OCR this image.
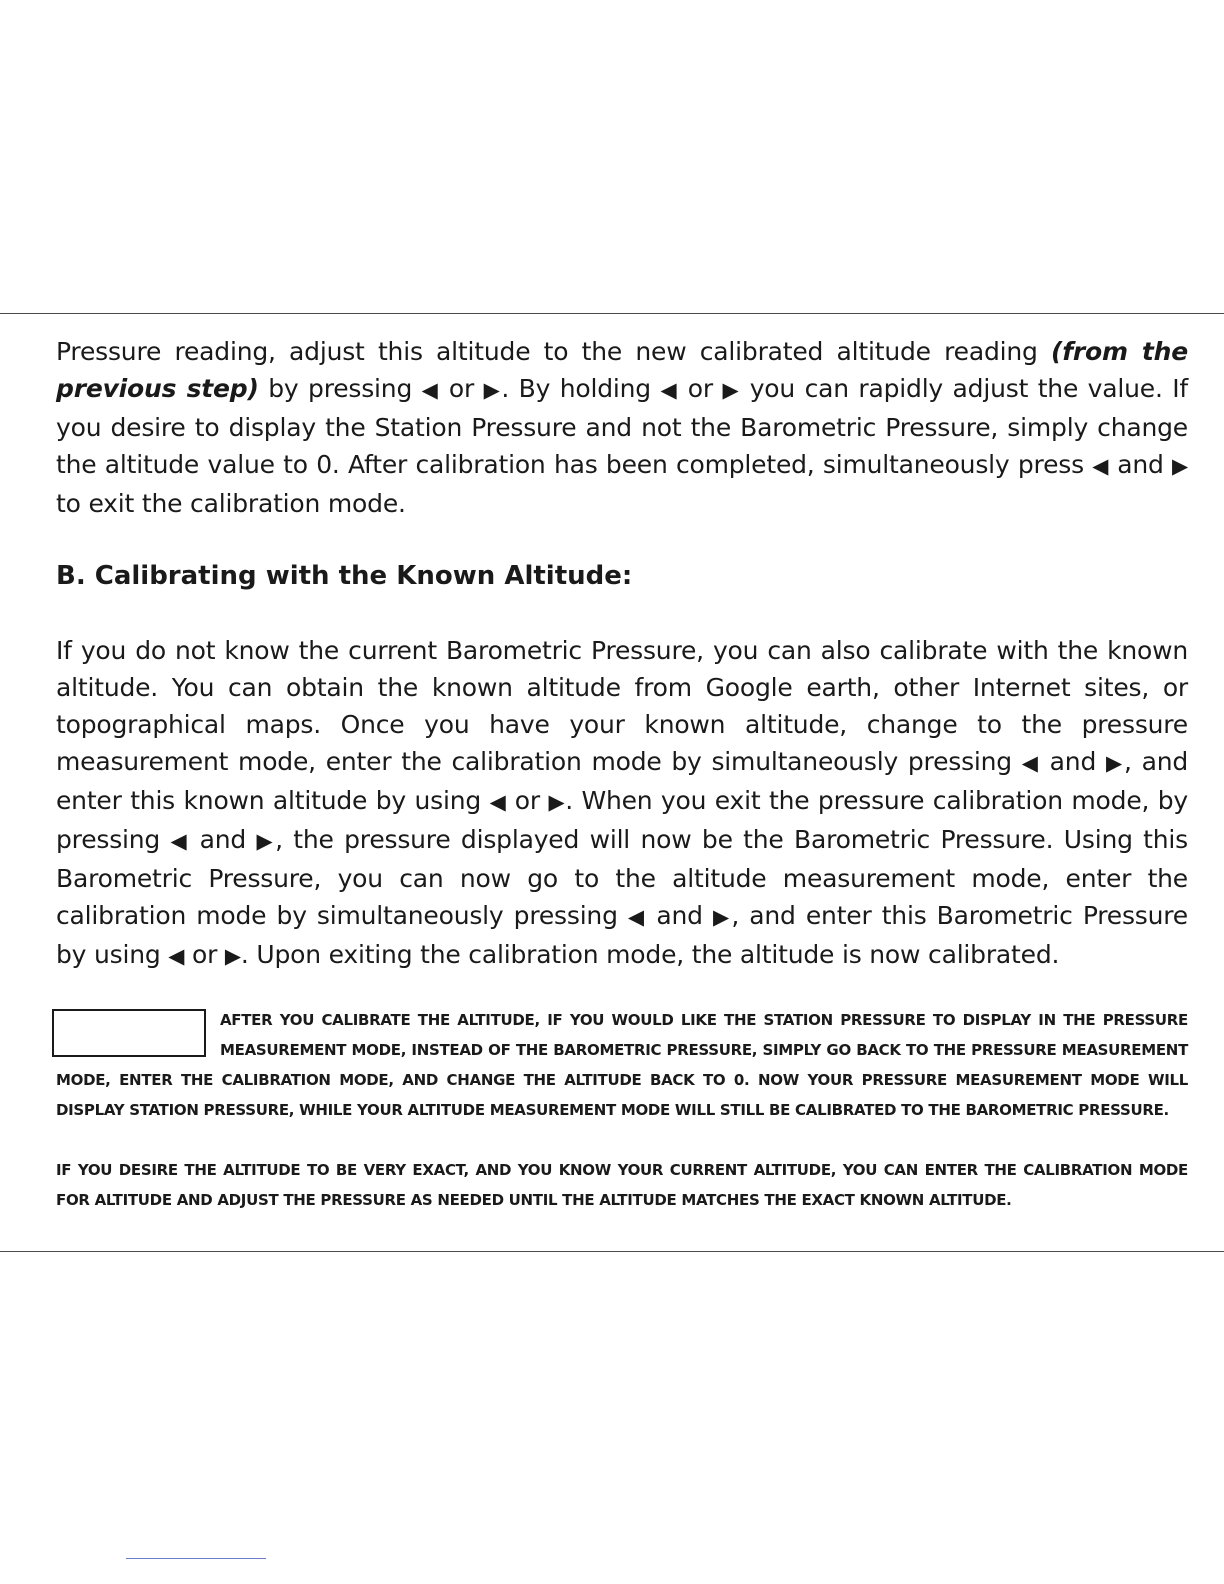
Pressure reading, adjust this altitude to the new calibrated altitude reading (from the previous step) by pressing ◀ or ▶. By holding ◀ or ▶ you can rapidly adjust the value. If you desire to display the Station Pressure and not the Barometric Pressure, simply change the altitude value to 0. After calibration has been completed, simultaneously press ◀ and ▶ to exit the calibration mode.

B. Calibrating with the Known Altitude:

If you do not know the current Barometric Pressure, you can also calibrate with the known altitude. You can obtain the known altitude from Google earth, other Internet sites, or topographical maps. Once you have your known altitude, change to the pressure measurement mode, enter the calibration mode by simultaneously pressing ◀ and ▶, and enter this known altitude by using ◀ or ▶. When you exit the pressure calibration mode, by pressing ◀ and ▶, the pressure displayed will now be the Barometric Pressure. Using this Barometric Pressure, you can now go to the altitude measurement mode, enter the calibration mode by simultaneously pressing ◀ and ▶, and enter this Barometric Pressure by using ◀ or ▶. Upon exiting the calibration mode, the altitude is now calibrated.

AFTER YOU CALIBRATE THE ALTITUDE, IF YOU WOULD LIKE THE STATION PRESSURE TO DISPLAY IN THE PRESSURE MEASUREMENT MODE, INSTEAD OF THE BAROMETRIC PRESSURE, SIMPLY GO BACK TO THE PRESSURE MEASUREMENT MODE, ENTER THE CALIBRATION MODE, AND CHANGE THE ALTITUDE BACK TO 0. NOW YOUR PRESSURE MEASUREMENT MODE WILL DISPLAY STATION PRESSURE, WHILE YOUR ALTITUDE MEASUREMENT MODE WILL STILL BE CALIBRATED TO THE BAROMETRIC PRESSURE.

IF YOU DESIRE THE ALTITUDE TO BE VERY EXACT, AND YOU KNOW YOUR CURRENT ALTITUDE, YOU CAN ENTER THE CALIBRATION MODE FOR ALTITUDE AND ADJUST THE PRESSURE AS NEEDED UNTIL THE ALTITUDE MATCHES THE EXACT KNOWN ALTITUDE.
